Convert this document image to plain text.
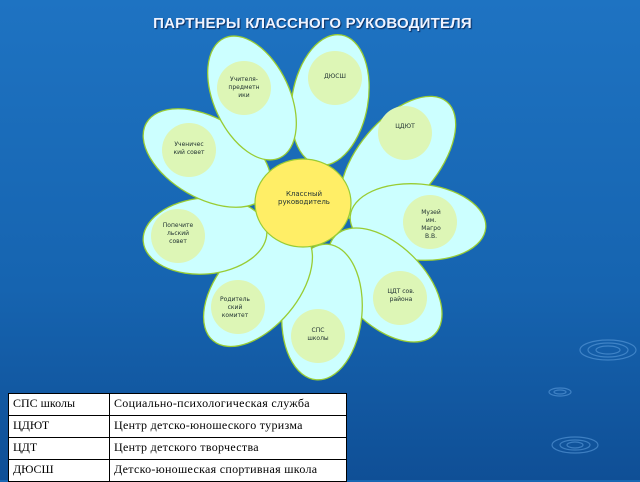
ПАРТНЕРЫ КЛАССНОГО РУКОВОДИТЕЛЯ
Классный руководитель
ДЮСШ
ЦДЮТ
Музей им. Магро В.В.
ЦДТ сов. района
СПС школы
Родитель ский комитет
Попечите льский совет
Ученичес кий совет
Учителя-предметн ики
СПС школы	Социально-психологическая служба
ЦДЮТ	Центр детско-юношеского туризма
ЦДТ	Центр детского творчества
ДЮСШ	Детско-юношеская спортивная школа
